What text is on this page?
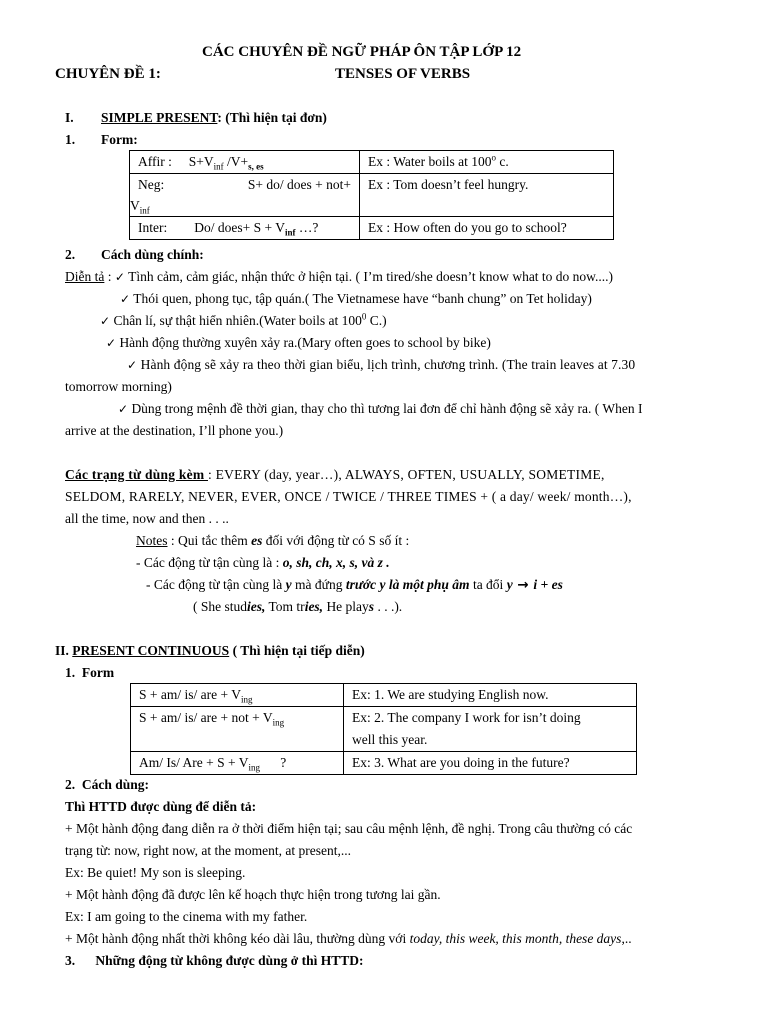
CÁC CHUYÊN ĐỀ NGỮ PHÁP ÔN TẬP LỚP 12
CHUYÊN ĐỀ 1:	TENSES OF VERBS
I. SIMPLE PRESENT: (Thì hiện tại đơn)
1. Form:
Affir : $S+V_{inf}$ $/V+_{s, es}$	Ex : Water boils at 100$^o$ c.

Neg: S+ do/ does + not+
$V_{inf}$	Ex : Tom doesn’t feel hungry.
Inter: Do/ does+ $S + V_{inf}$ …?	Ex : How often do you go to school?
2. Cách dùng chính:
Diễn tả : ✓ Tình cảm, cảm giác, nhận thức ở hiện tại. ( I’m tired/she doesn’t know what to do now....)
✓ Thói quen, phong tục, tập quán.( The Vietnamese have “banh chung” on Tet holiday)
✓ Chân lí, sự thật hiển nhiên.(Water boils at $100^0$ C.)
✓ Hành động thường xuyên xảy ra.(Mary often goes to school by bike)
✓ Hành động sẽ xảy ra theo thời gian biểu, lịch trình, chương trình. (The train leaves at 7.30
tomorrow morning)
✓ Dùng trong mệnh đề thời gian, thay cho thì tương lai đơn để chỉ hành động sẽ xảy ra. ( When I
arrive at the destination, I’ll phone you.)
Các trạng từ dùng kèm : EVERY (day, year…), ALWAYS, OFTEN, USUALLY, SOMETIME,
SELDOM, RARELY, NEVER, EVER, ONCE / TWICE / THREE TIMES + ( a day/ week/ month…),
all the time, now and then . . ..
Notes : Qui tắc thêm es đối với động từ có S số ít :
- Các động từ tận cùng là : o, sh, ch, x, s, và z .
- Các động từ tận cùng là y mà đứng trước y là một phụ âm ta đổi y → i + es
( She studies, Tom tries, He plays . . .).
II. PRESENT CONTINUOUS ( Thì hiện tại tiếp diễn)
1. Form
S + am/ is/ are + $V_{ing}$	Ex: 1. We are studying English now.
S + am/ is/ are + not + $V_{ing}$	Ex: 2. The company I work for isn’t doing
well this year.
Am/ Is/ Are + $S + V_{ing}$      ?	Ex: 3. What are you doing in the future?
2. Cách dùng:
Thì HTTD được dùng để diễn tả:
+ Một hành động đang diễn ra ở thời điểm hiện tại; sau câu mệnh lệnh, đề nghị. Trong câu thường có các
trạng từ: now, right now, at the moment, at present,...
Ex: Be quiet! My son is sleeping.
+ Một hành động đã được lên kế hoạch thực hiện trong tương lai gần.
Ex: I am going to the cinema with my father.
+ Một hành động nhất thời không kéo dài lâu, thường dùng với today, this week, this month, these days,..
3. Những động từ không được dùng ở thì HTTD:
